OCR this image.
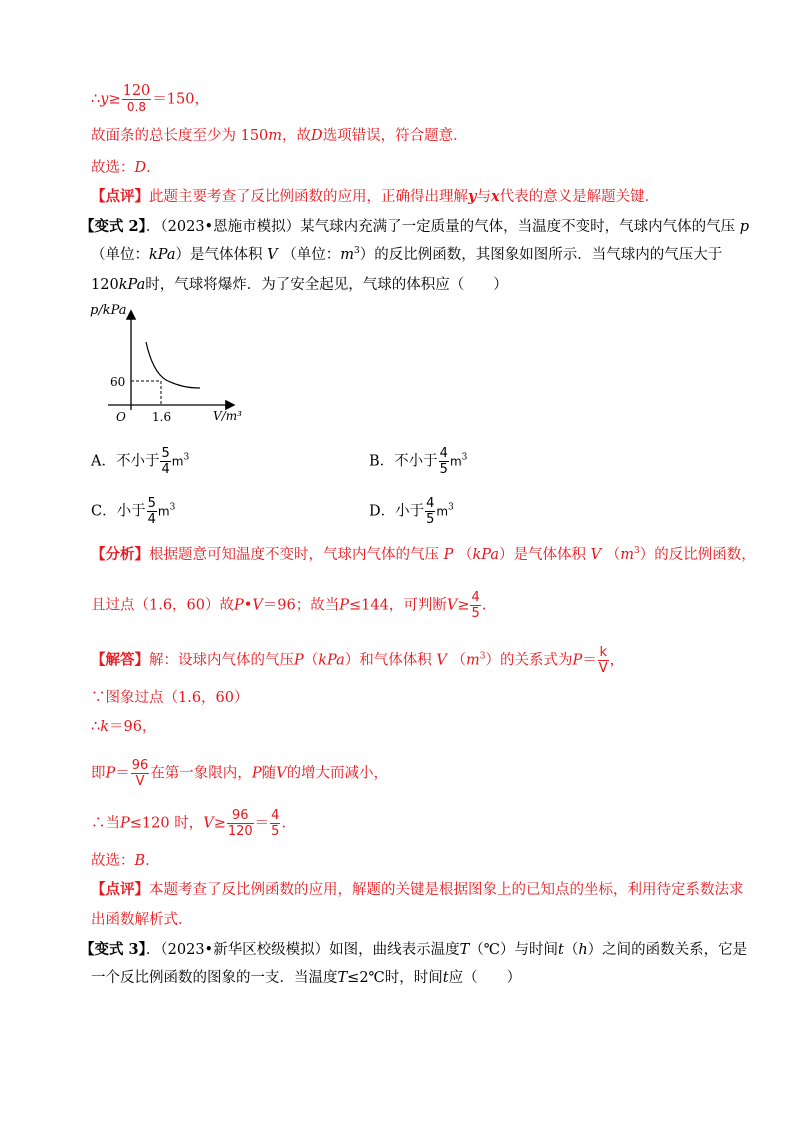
∴y≥ $\frac{120}{0.8} =150$，
故面条的总长度至少为 150m，故D选项错误，符合题意．
故选：D．
【点评】此题主要考查了反比例函数的应用，正确得出理解y与x代表的意义是解题关键．
【变式 2】．（2023•恩施市模拟）某气球内充满了一定质量的气体，当温度不变时，气球内气体的气压 p
（单位：kPa）是气体体积 V （单位：$m^3$）的反比例函数，其图象如图所示．当气球内的气压大于
120kPa时，气球将爆炸．为了安全起见，气球的体积应（　　）
p/kPa
V/m³
O
60
1.6
A．不小于 $\frac{5}{4} m^3$	B．不小于 $\frac{4}{5} m^3$
C．小于 $\frac{5}{4} m^3$	D．小于 $\frac{4}{5} m^3$
【分析】根据题意可知温度不变时，气球内气体的气压 P （kPa）是气体体积 V $(m^3)$的反比例函数，
且过点（1.6，60）故P•V＝96；故当P≤144，可判断$V\ge \frac{4}{5}$ .
【解答】解：设球内气体的气压P（kPa）和气体体积 V $(m^3)$的关系式为$P= \frac{k}{V}$ ，
∵图象过点（1.6，60）
∴k＝96，
即$P= \frac{96}{V}$ 在第一象限内，P随V的增大而减小，
∴当P≤120 时，$V\ge \frac{96}{120} = \frac{4}{5}$ .
故选：B．
【点评】本题考查了反比例函数的应用，解题的关键是根据图象上的已知点的坐标，利用待定系数法求
出函数解析式．
【变式 3】．（2023•新华区校级模拟）如图，曲线表示温度T（℃）与时间t（h）之间的函数关系，它是
一个反比例函数的图象的一支．当温度T≤2℃时，时间t应（　　）
